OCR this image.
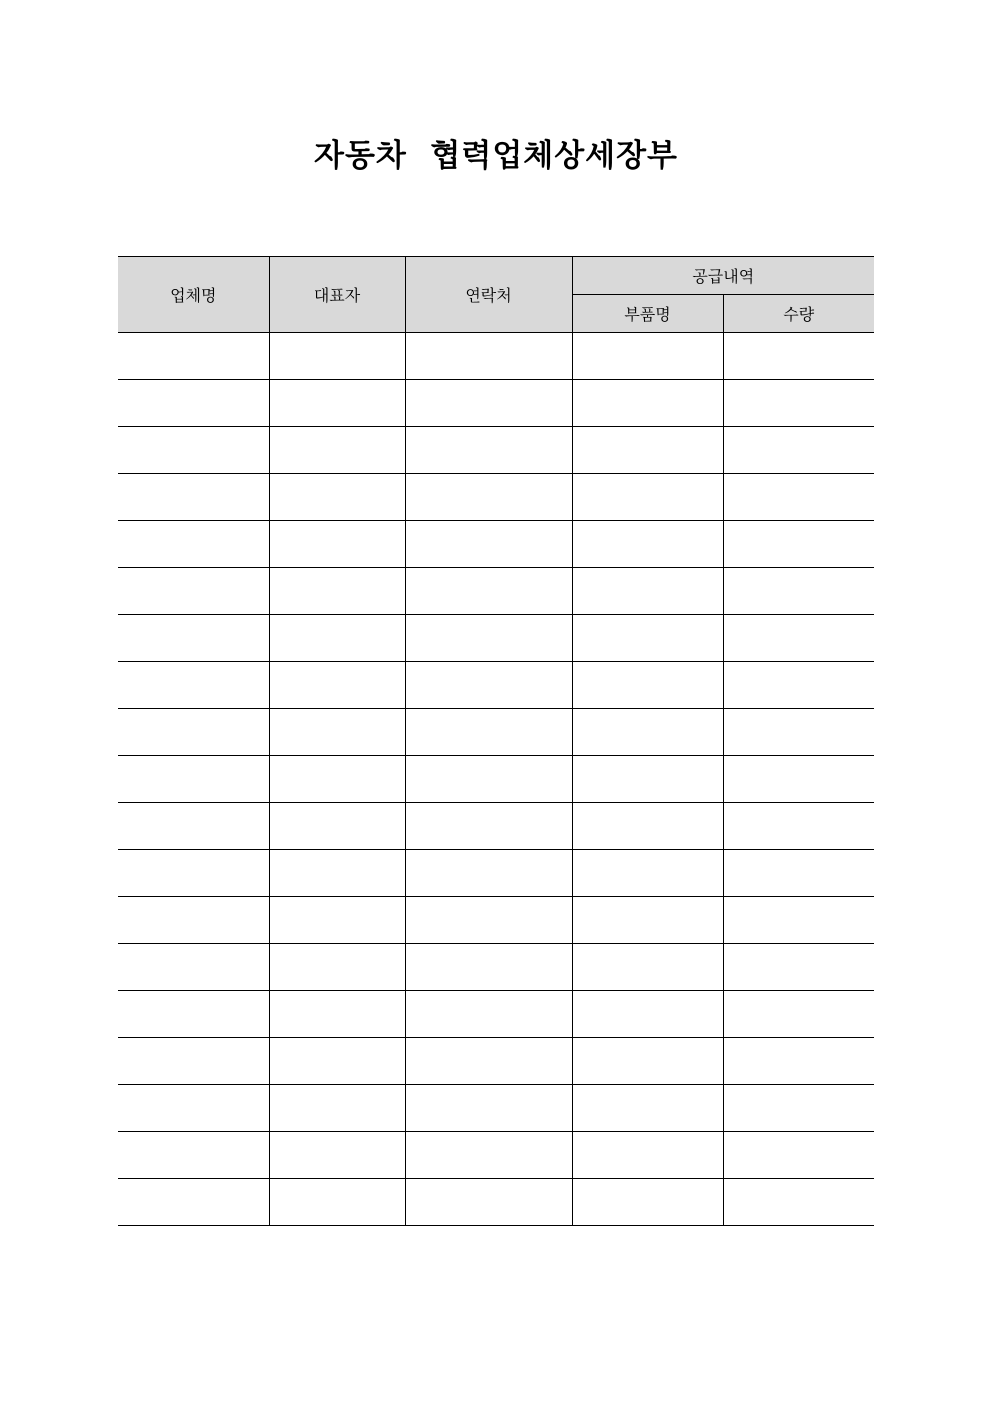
자동차  협력업체상세장부
업체명	대표자	연락처	공급내역	
			부품명	수량
